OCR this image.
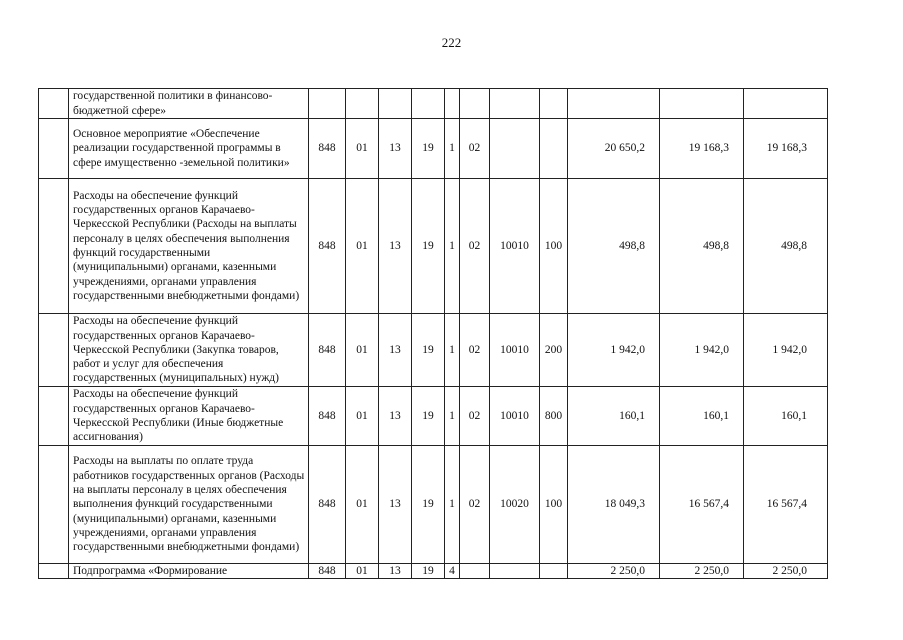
222
	государственной политики в финансово-бюджетной сфере»											
	Основное мероприятие «Обеспечение реализации государственной программы в сфере имущественно -земельной политики»	848	01	13	19	1	02			20 650,2	19 168,3	19 168,3
	Расходы на обеспечение функций государственных органов Карачаево-Черкесской Республики (Расходы на выплаты персоналу в целях обеспечения выполнения функций государственными (муниципальными) органами, казенными учреждениями, органами управления государственными внебюджетными фондами)	848	01	13	19	1	02	10010	100	498,8	498,8	498,8
	Расходы на обеспечение функций государственных органов Карачаево-Черкесской Республики (Закупка товаров, работ и услуг для обеспечения государственных (муниципальных) нужд)	848	01	13	19	1	02	10010	200	1 942,0	1 942,0	1 942,0
	Расходы на обеспечение функций государственных органов Карачаево-Черкесской Республики (Иные бюджетные ассигнования)	848	01	13	19	1	02	10010	800	160,1	160,1	160,1
	Расходы на выплаты по оплате труда работников государственных органов (Расходы на выплаты персоналу в целях обеспечения выполнения функций государственными (муниципальными) органами, казенными учреждениями, органами управления государственными внебюджетными фондами)	848	01	13	19	1	02	10020	100	18 049,3	16 567,4	16 567,4
	Подпрограмма «Формирование	848	01	13	19	4				2 250,0	2 250,0	2 250,0
